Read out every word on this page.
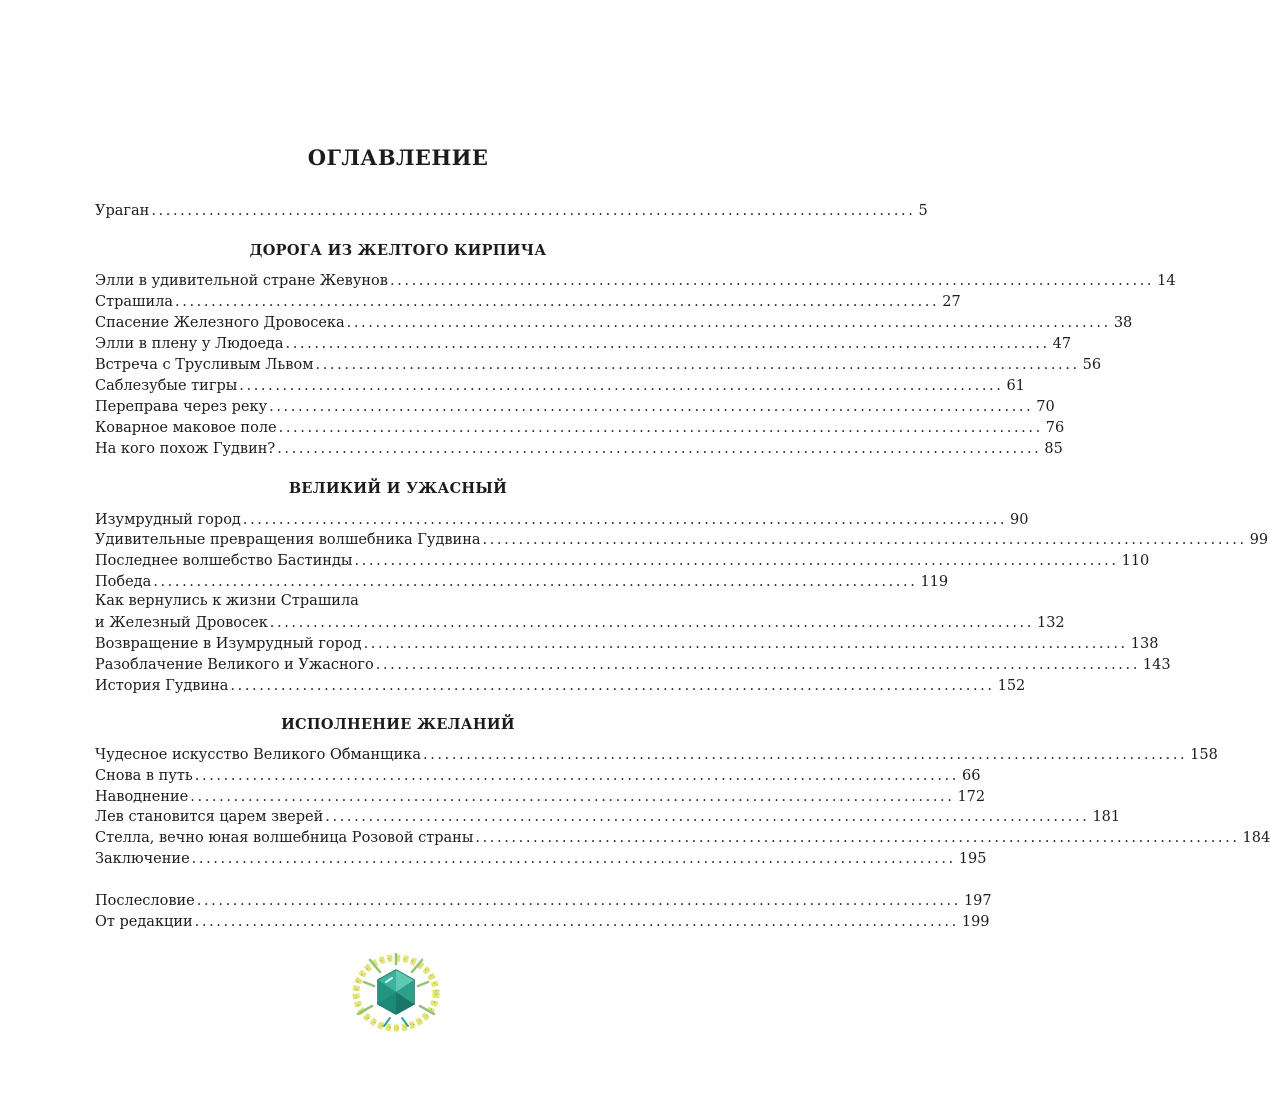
ОГЛАВЛЕНИЕ
Ураган .......................................................................................................... 5
ДОРОГА ИЗ ЖЕЛТОГО КИРПИЧА
Элли в удивительной стране Жевунов .......................................................................................................... 14
Страшила .......................................................................................................... 27
Спасение Железного Дровосека .......................................................................................................... 38
Элли в плену у Людоеда .......................................................................................................... 47
Встреча с Трусливым Львом .......................................................................................................... 56
Саблезубые тигры .......................................................................................................... 61
Переправа через реку .......................................................................................................... 70
Коварное маковое поле .......................................................................................................... 76
На кого похож Гудвин? .......................................................................................................... 85
ВЕЛИКИЙ И УЖАСНЫЙ
Изумрудный город .......................................................................................................... 90
Удивительные превращения волшебника Гудвина .......................................................................................................... 99
Последнее волшебство Бастинды .......................................................................................................... 110
Победа .......................................................................................................... 119
Как вернулись к жизни Страшила
и Железный Дровосек .......................................................................................................... 132
Возвращение в Изумрудный город .......................................................................................................... 138
Разоблачение Великого и Ужасного .......................................................................................................... 143
История Гудвина .......................................................................................................... 152
ИСПОЛНЕНИЕ ЖЕЛАНИЙ
Чудесное искусство Великого Обманщика .......................................................................................................... 158
Снова в путь .......................................................................................................... 66
Наводнение .......................................................................................................... 172
Лев становится царем зверей .......................................................................................................... 181
Стелла, вечно юная волшебница Розовой страны .......................................................................................................... 184
Заключение .......................................................................................................... 195
Послесловие .......................................................................................................... 197
От редакции .......................................................................................................... 199
